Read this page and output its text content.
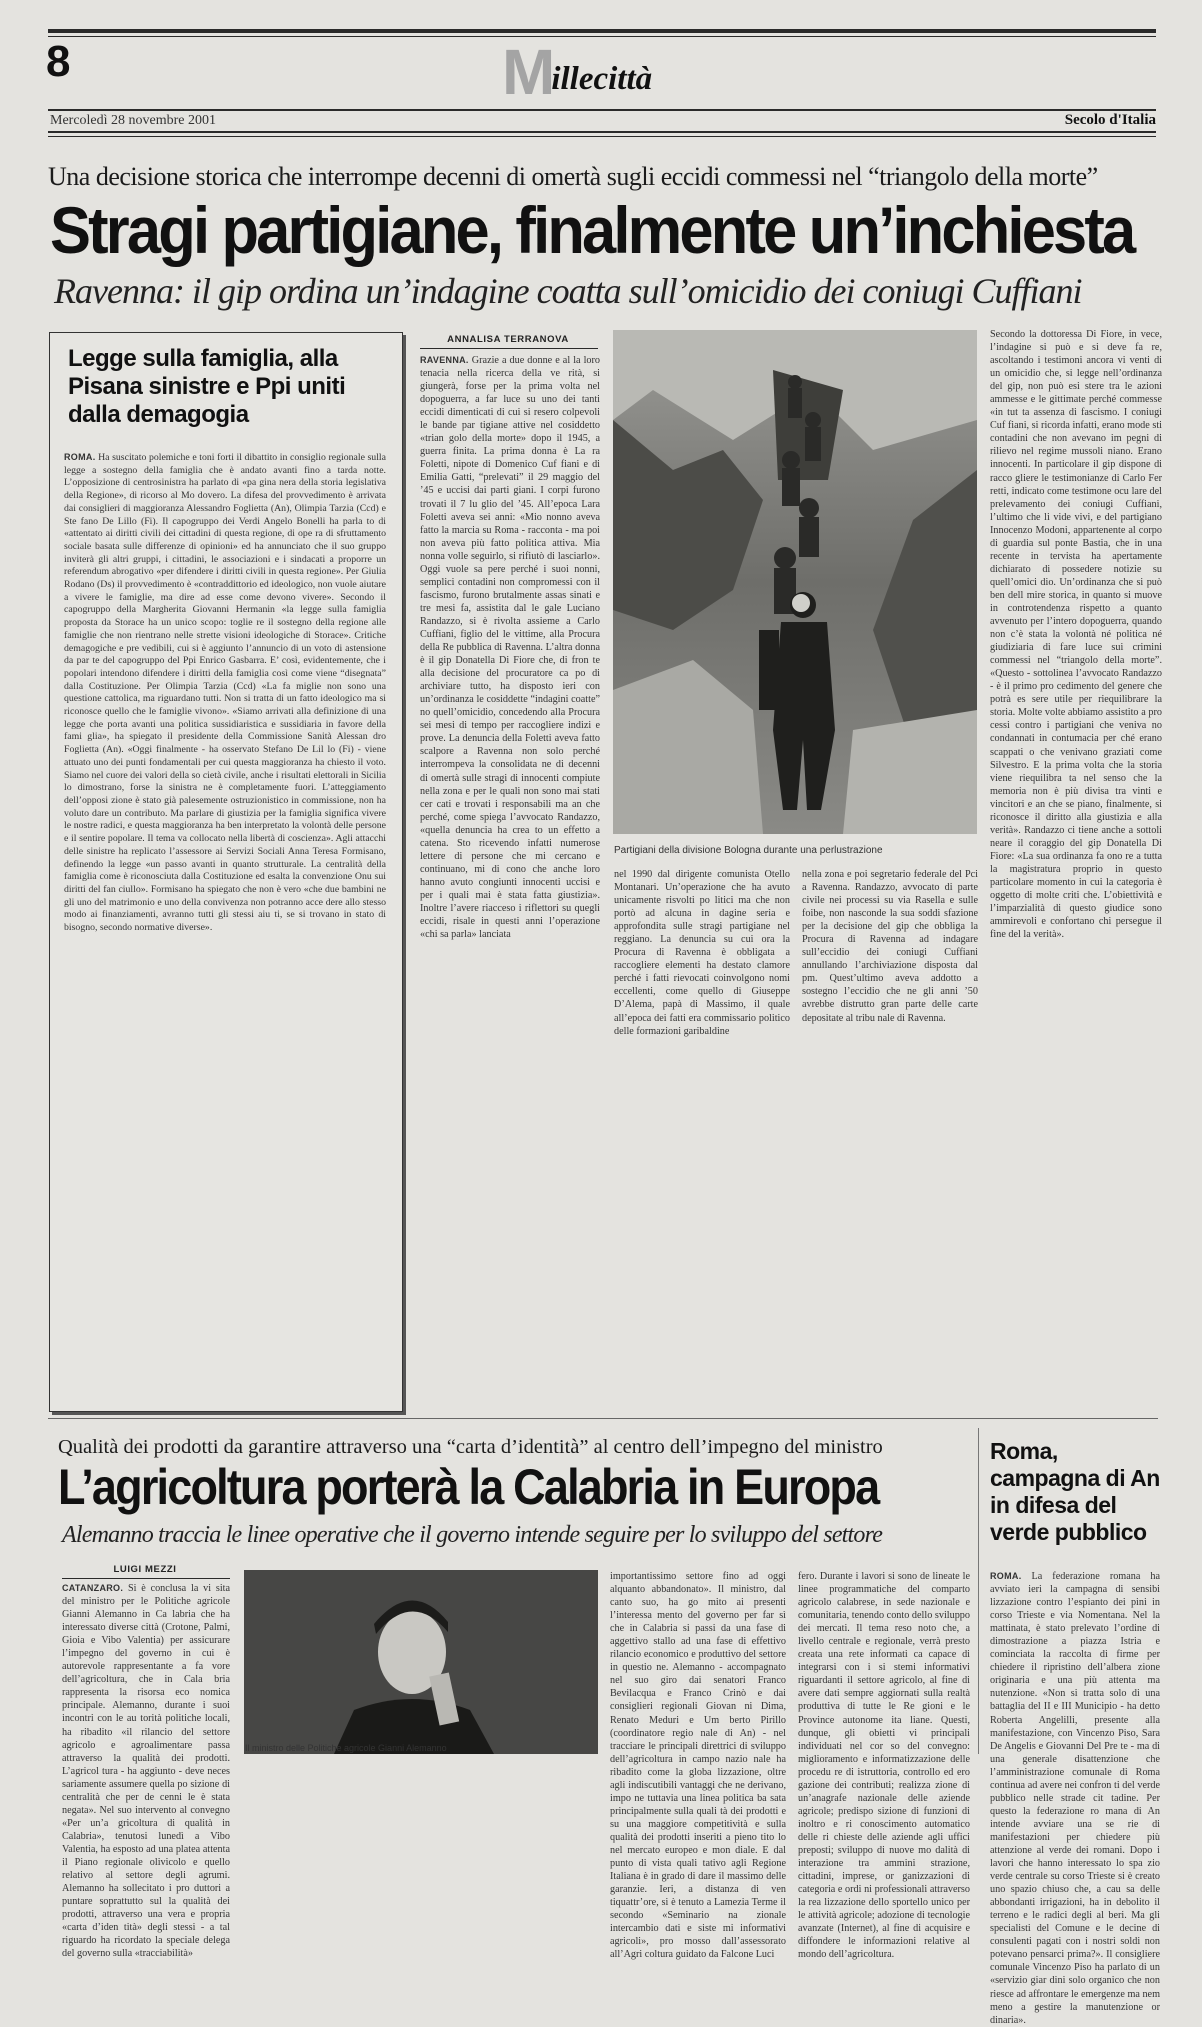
8	Millecittà
Mercoledì 28 novembre 2001	Secolo d'Italia
Una decisione storica che interrompe decenni di omertà sugli eccidi commessi nel “triangolo della morte”
Stragi partigiane, finalmente un’inchiesta
Ravenna: il gip ordina un’indagine coatta sull’omicidio dei coniugi Cuffiani
Legge sulla famiglia, alla Pisana sinistre e Ppi uniti dalla demagogia

ROMA. Ha suscitato polemiche e toni forti il dibattito in consiglio regionale sulla legge a sostegno della famiglia che è andato avanti fino a tarda notte. L’opposizione di centrosinistra ha parlato di «pa gina nera della storia legislativa della Regione», di ricorso al Mo dovero. La difesa del provvedimento è arrivata dai consiglieri di maggioranza Alessandro Foglietta (An), Olimpia Tarzia (Ccd) e Ste fano De Lillo (Fi). Il capogruppo dei Verdi Angelo Bonelli ha parla to di «attentato ai diritti civili dei cittadini di questa regione, di ope ra di sfruttamento sociale basata sulle differenze di opinioni» ed ha annunciato che il suo gruppo inviterà gli altri gruppi, i cittadini, le associazioni e i sindacati a proporre un referendum abrogativo «per difendere i diritti civili in questa regione». Per Giulia Rodano (Ds) il provvedimento è «contraddittorio ed ideologico, non vuole aiutare a vivere le famiglie, ma dire ad esse come devono vivere». Secondo il capogruppo della Margherita Giovanni Hermanin «la legge sulla famiglia proposta da Storace ha un unico scopo: toglie re il sostegno della regione alle famiglie che non rientrano nelle strette visioni ideologiche di Storace». Critiche demagogiche e pre vedibili, cui si è aggiunto l’annuncio di un voto di astensione da par te del capogruppo del Ppi Enrico Gasbarra. E’ così, evidentemente, che i popolari intendono difendere i diritti della famiglia così come viene “disegnata” dalla Costituzione. Per Olimpia Tarzia (Ccd) «La fa miglie non sono una questione cattolica, ma riguardano tutti. Non si tratta di un fatto ideologico ma si riconosce quello che le famiglie vivono». «Siamo arrivati alla definizione di una legge che porta avanti una politica sussidiaristica e sussidiaria in favore della fami glia», ha spiegato il presidente della Commissione Sanità Alessan dro Foglietta (An). «Oggi finalmente - ha osservato Stefano De Lil lo (Fi) - viene attuato uno dei punti fondamentali per cui questa maggioranza ha chiesto il voto. Siamo nel cuore dei valori della so cietà civile, anche i risultati elettorali in Sicilia lo dimostrano, forse la sinistra ne è completamente fuori. L’atteggiamento dell’opposi zione è stato già palesemente ostruzionistico in commissione, non ha voluto dare un contributo. Ma parlare di giustizia per la famiglia significa vivere le nostre radici, e questa maggioranza ha ben interpretato la volontà delle persone e il sentire popolare. Il tema va collocato nella libertà di coscienza». Agli attacchi delle sinistre ha replicato l’assessore ai Servizi Sociali Anna Teresa Formisano, definendo la legge «un passo avanti in quanto strutturale. La centralità della famiglia come è riconosciuta dalla Costituzione ed esalta la convenzione Onu sui diritti del fan ciullo». Formisano ha spiegato che non è vero «che due bambini ne gli uno del matrimonio e uno della convivenza non potranno acce dere allo stesso modo ai finanziamenti, avranno tutti gli stessi aiu ti, se si trovano in stato di bisogno, secondo normative diverse».

ANNALISA TERRANOVA

RAVENNA. Grazie a due donne e al la loro tenacia nella ricerca della ve rità, si giungerà, forse per la prima volta nel dopoguerra, a far luce su uno dei tanti eccidi dimenticati di cui si resero colpevoli le bande par tigiane attive nel cosiddetto «trian golo della morte» dopo il 1945, a guerra finita. La prima donna è La ra Foletti, nipote di Domenico Cuf fiani e di Emilia Gatti, “prelevati” il 29 maggio del ’45 e uccisi dai parti giani. I corpi furono trovati il 7 lu glio del ’45. All’epoca Lara Foletti aveva sei anni: «Mio nonno aveva fatto la marcia su Roma - raccontа - ma poi non aveva più fatto politica attiva. Mia nonna volle seguirlo, si rifiutò di lasciarlo». Oggi vuole sa pere perché i suoi nonni, semplici contadini non compromessi con il fascismo, furono brutalmente assas sinati e tre mesi fa, assistita dal le gale Luciano Randazzo, si è rivolta assieme a Carlo Cuffiani, figlio del le vittime, alla Procura della Re pubblica di Ravenna. L’altra donna è il gip Donatella Di Fiore che, di fron te alla decisione del procuratore ca po di archiviare tutto, ha disposto ieri con un’ordinanza le cosiddette “indagini coatte” no quell’omicidio, concedendo alla Procura sei mesi di tempo per raccogliere indizi e prove. La denuncia della Foletti aveva fatto scalpore a Ravenna non solo perché interrompeva la consolidata ne di decenni di omertà sulle stragi di innocenti compiute nella zona e per le quali non sono mai stati cer cati e trovati i responsabili ma an che perché, come spiega l’avvocato Randazzo, «quella denuncia ha crea to un effetto a catena. Sto ricevendo infatti numerose lettere di persone che mi cercano e continuano, mi di cono che anche loro hanno avuto congiunti innocenti uccisi e per i quali mai è stata fatta giustizia». Inoltre l’avere riacceso i riflettori su quegli eccidi, risale in questi anni l’operazione «chi sa parla» lanciata

Partigiani della divisione Bologna durante una perlustrazione

nel 1990 dal dirigente comunista Otello Montanari. Un’operazione che ha avuto unicamente risvolti po litici ma che non portò ad alcuna in dagine seria e approfondita sulle stragi partigiane nel reggiano. La denuncia su cui ora la Procura di Ravenna è obbligata a raccogliere elementi ha destato clamore perché i fatti rievocati coinvolgono nomi eccellenti, come quello di Giuseppe D’Alema, papà di Massimo, il quale all’epoca dei fatti era commissario politico delle formazioni garibaldine

nella zona e poi segretario federale del Pci a Ravenna. Randazzo, avvocato di parte civile nei processi su via Rasella e sulle foibe, non nasconde la sua soddi sfazione per la decisione del gip che obbliga la Procura di Ravenna ad indagare sull’eccidio dei coniugi Cuffiani annullando l’archiviazione disposta dal pm. Quest’ultimo aveva addotto a sostegno l’eccidio che ne gli anni ’50 avrebbe distrutto gran parte delle carte depositate al tribu nale di Ravenna.

Secondo la dottoressa Di Fiore, in vece, l’indagine si può e si deve fa re, ascoltando i testimoni ancora vi venti di un omicidio che, si legge nell’ordinanza del gip, non può esi stere tra le azioni ammesse e le gittimate perché commesse «in tut ta assenza di fascismo. I coniugi Cuf fiani, si ricorda infatti, erano mode sti contadini che non avevano im pegni di rilievo nel regime mussoli niano. Erano innocenti. In particolare il gip dispone di racco gliere le testimonianze di Carlo Fer retti, indicato come testimone ocu lare del prelevamento dei coniugi Cuffiani, l’ultimo che li vide vivi, e del partigiano Innocenzo Modoni, appartenente al corpo di guardia sul ponte Bastia, che in una recente in tervista ha apertamente dichiarato di possedere notizie su quell’omici dio. Un’ordinanza che si può ben dell mire storica, in quanto si muove in controtendenza rispetto a quanto avvenuto per l’intero dopoguerra, quando non c’è stata la volontà né politica né giudiziaria di fare luce sui crimini commessi nel “triangolo della morte”. «Questo - sottolinea l’avvocato Randazzo - è il primo pro cedimento del genere che potrà es sere utile per riequilibrare la storia. Molte volte abbiamo assistito a pro cessi contro i partigiani che veniva no condannati in contumacia per ché erano scappati o che venivano graziati come Silvestro. E la prima volta che la storia viene riequilibra ta nel senso che la memoria non è più divisa tra vinti e vincitori e an che se piano, finalmente, si riconosce il diritto alla giustizia e alla verità». Randazzo ci tiene anche a sottoli neare il coraggio del gip Donatella Di Fiore: «La sua ordinanza fa ono re a tutta la magistratura proprio in questo particolare momento in cui la categoria è oggetto di molte criti che. L’obiettività e l’imparzialità di questo giudice sono ammirevoli e confortano chi persegue il fine del la verità».

Qualità dei prodotti da garantire attraverso una “carta d’identità” al centro dell’impegno del ministro
L’agricoltura porterà la Calabria in Europa
Alemanno traccia le linee operative che il governo intende seguire per lo sviluppo del settore
LUIGI MEZZI

CATANZARO. Si è conclusa la vi sita del ministro per le Politiche agricole Gianni Alemanno in Ca labria che ha interessato diverse città (Crotone, Palmi, Gioia e Vibo Valentia) per assicurare l’impegno del governo in cui è autorevole rappresentante a fa vore dell’agricoltura, che in Cala bria rappresenta la risorsa eco nomica principale. Alemanno, durante i suoi incontri con le au torità politiche locali, ha ribadito «il rilancio del settore agricolo e agroalimentare passa attraverso la qualità dei prodotti. L’agricol tura - ha aggiunto - deve neces sariamente assumere quella po sizione di centralità che per de cenni le è stata negata». Nel suo intervento al convegno «Per un’a gricoltura di qualità in Calabria», tenutosi lunedì a Vibo Valentia, ha esposto ad una platea attenta il Piano regionale olivicolo e quello relativo al settore degli agrumi. Alemanno ha sollecitato i pro duttori a puntare soprattutto sul la qualità dei prodotti, attraverso una vera e propria «carta d’iden tità» degli stessi - a tal riguardo ha ricordato la speciale delega del governo sulla «tracciabilità»

importantissimo settore fino ad oggi alquanto abbandonato». Il ministro, dal canto suo, ha go mito ai presenti l’interessa mento del governo per far sì che in Calabria si passi da una fase di aggettivo stallo ad una fase di effettivo rilancio economico e produttivo del settore in questio ne. Alemanno - accompagnato nel suo giro dai senatori Franco Bevilacqua e Franco Crinò e dai consiglieri regionali Giovan ni Dima, Renato Meduri e Um berto Pirillo (coordinatore regio nale di An) - nel tracciare le principali direttrici di sviluppo dell’agricoltura in campo nazio nale ha ribadito come la globa lizzazione, oltre agli indiscutibili vantaggi che ne derivano, impo ne tuttavia una linea politica ba sata principalmente sulla quali tà dei prodotti e su una maggiore competitività e sulla qualità dei prodotti inseriti a pieno tito lo nel mercato europeo e mon diale. E dal punto di vista quali tativo agli Regione Italiana è in grado di dare il massimo delle garanzie. Ieri, a distanza di ven tiquattr’ore, si è tenuto a Lamezia Terme il secondo «Seminario na zionale intercambio dati e siste mi informativi agricoli», pro mosso dall’assessorato all’Agri coltura guidato da Falcone Luci

fero. Durante i lavori si sono de lineate le linee programmatiche del comparto agricolo calabrese, in sede nazionale e comunitaria, tenendo conto dello sviluppo dei mercati. Il tema reso noto che, a livello centrale e regionale, verrà presto creata una rete informati ca capace di integrarsi con i si stemi informativi riguardanti il settore agricolo, al fine di avere dati sempre aggiornati sulla realtà produttiva di tutte le Re gioni e le Province autonome ita liane. Questi, dunque, gli obietti vi principali individuati nel cor so del convegno: miglioramento e informatizzazione delle procedu re di istruttoria, controllo ed ero gazione dei contributi; realizza zione di un’anagrafe nazionale delle aziende agricole; predispo sizione di funzioni di inoltro e ri conoscimento automatico delle ri chieste delle aziende agli uffici preposti; sviluppo di nuove mo dalità di interazione tra ammini strazione, cittadini, imprese, or ganizzazioni di categoria e ordi ni professionali attraverso la rea lizzazione dello sportello unico per le attività agricole; adozione di tecnologie avanzate (Internet), al fine di acquisire e diffondere le informazioni relative al mondo dell’agricoltura.

Roma, campagna di An in difesa del verde pubblico

ROMA. La federazione romana ha avviato ieri la campagna di sensibi lizzazione contro l’espianto dei pini in corso Trieste e via Nomentana. Nel la mattinata, è stato prelevato l’ordine di dimostrazione a piazza Istria e cominciata la raccolta di firme per chiedere il ripristino dell’albera zione originaria e una più attenta ma nutenzione. «Non si tratta solo di una battaglia del II e III Municipio - ha detto Roberta Angelilli, presente alla manifestazione, con Vincenzo Piso, Sara De Angelis e Giovanni Del Pre te - ma di una generale disattenzione che l’amministrazione comunale di Roma continua ad avere nei confron ti del verde pubblico nelle strade cit tadine. Per questo la federazione ro mana di An intende avviare una se rie di manifestazioni per chiedere più attenzione al verde dei romani. Dopo i lavori che hanno interessato lo spa zio verde centrale su corso Trieste si è creato uno spazio chiuso che, a cau sa delle abbondanti irrigazioni, ha in debolito il terreno e le radici degli al beri. Ma gli specialisti del Comune e le decine di consulenti pagati con i nostri soldi non potevano pensarci prima?». Il consigliere comunale Vincenzo Piso ha parlato di un «servizio giar dini solo organico che non riesce ad affrontare le emergenze ma nem meno a gestire la manutenzione or dinaria».

Il ministro delle Politiche agricole Gianni Alemanno
